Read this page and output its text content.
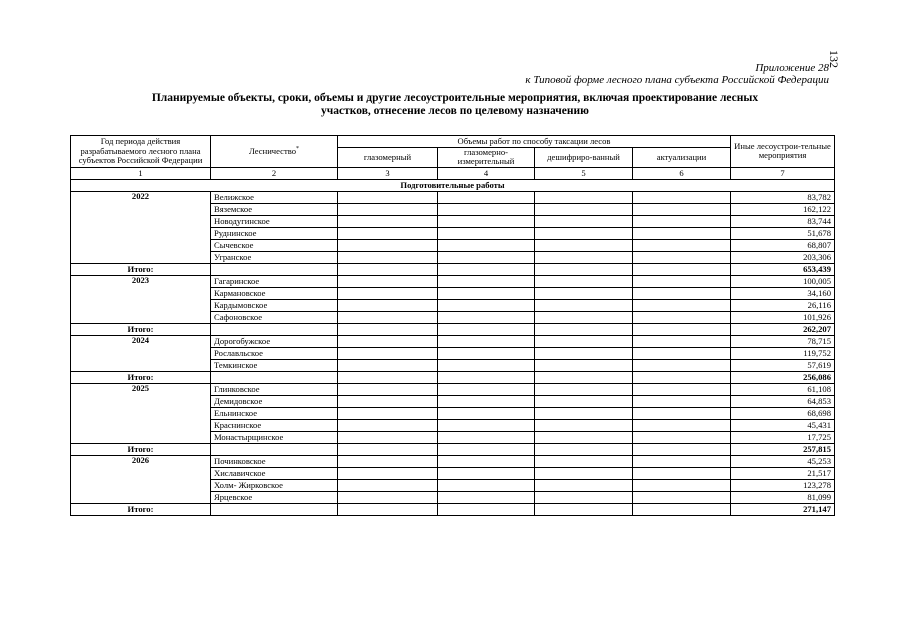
132
Приложение 28
к Типовой форме лесного плана субъекта Российской Федерации
Планируемые объекты, сроки, объемы и другие лесоустроительные мероприятия, включая проектирование лесных
участков, отнесение лесов по целевому назначению
Год периода действия разрабатываемого лесного плана субъектов Российской Федерации	Лесничество*	Объемы работ по способу таксации лесов				Иные лесоустрои-тельные мероприятия
		глазомерный	глазомерно-измерительный	дешифриро-ванный	актуализации	
1	2	3	4	5	6	7
Подготовительные работы						
2022	Велижское					83,782
	Вяземское					162,122
	Новодугинское					83,744
	Руднинское					51,678
	Сычевское					68,807
	Угранское					203,306
Итого:						653,439
2023	Гагаринское					100,005
	Кармановское					34,160
	Кардымовское					26,116
	Сафоновское					101,926
Итого:						262,207
2024	Дорогобужское					78,715
	Рославльское					119,752
	Темкинское					57,619
Итого:						256,086
2025	Глинковское					61,108
	Демидовское					64,853
	Ельнинское					68,698
	Краснинское					45,431
	Монастырщинское					17,725
Итого:						257,815
2026	Починковское					45,253
	Хиславичское					21,517
	Холм- Жирковское					123,278
	Ярцевское					81,099
Итого:						271,147
